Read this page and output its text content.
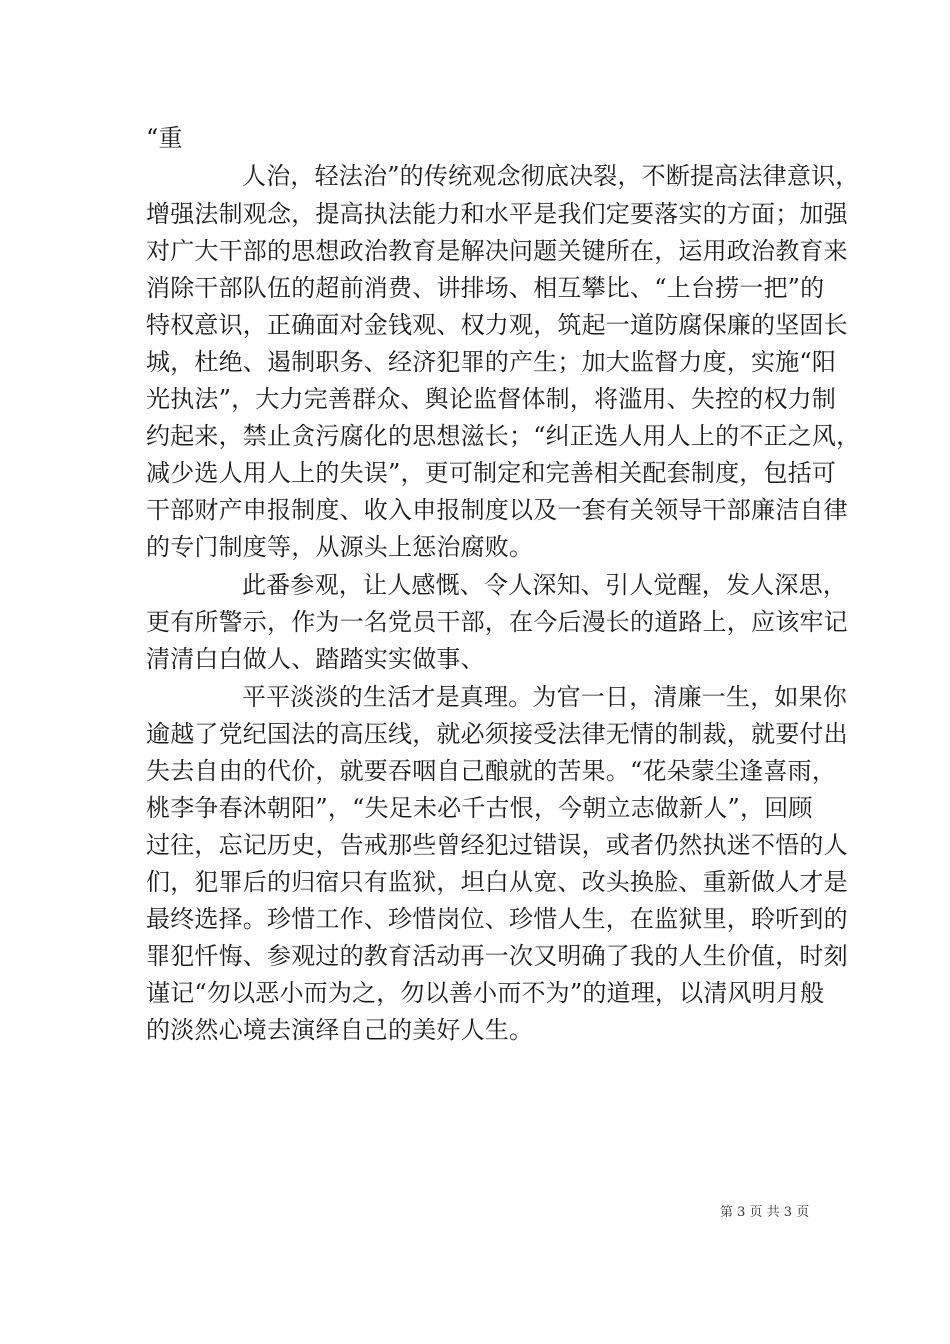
“重
人治，轻法治”的传统观念彻底决裂，不断提高法律意识，
增强法制观念，提高执法能力和水平是我们定要落实的方面；加强
对广大干部的思想政治教育是解决问题关键所在，运用政治教育来
消除干部队伍的超前消费、讲排场、相互攀比、“上台捞一把”的
特权意识，正确面对金钱观、权力观，筑起一道防腐保廉的坚固长
城，杜绝、遏制职务、经济犯罪的产生；加大监督力度，实施“阳
光执法”，大力完善群众、舆论监督体制，将滥用、失控的权力制
约起来，禁止贪污腐化的思想滋长；“纠正选人用人上的不正之风，
减少选人用人上的失误”，更可制定和完善相关配套制度，包括可
干部财产申报制度、收入申报制度以及一套有关领导干部廉洁自律
的专门制度等，从源头上惩治腐败。
此番参观，让人感慨、令人深知、引人觉醒，发人深思，
更有所警示，作为一名党员干部，在今后漫长的道路上，应该牢记
清清白白做人、踏踏实实做事、
平平淡淡的生活才是真理。为官一日，清廉一生，如果你
逾越了党纪国法的高压线，就必须接受法律无情的制裁，就要付出
失去自由的代价，就要吞咽自己酿就的苦果。“花朵蒙尘逢喜雨，
桃李争春沐朝阳”，“失足未必千古恨，今朝立志做新人”，回顾
过往，忘记历史，告戒那些曾经犯过错误，或者仍然执迷不悟的人
们，犯罪后的归宿只有监狱，坦白从宽、改头换脸、重新做人才是
最终选择。珍惜工作、珍惜岗位、珍惜人生，在监狱里，聆听到的
罪犯忏悔、参观过的教育活动再一次又明确了我的人生价值，时刻
谨记“勿以恶小而为之，勿以善小而不为”的道理，以清风明月般
的淡然心境去演绎自己的美好人生。
第 3 页 共 3 页
